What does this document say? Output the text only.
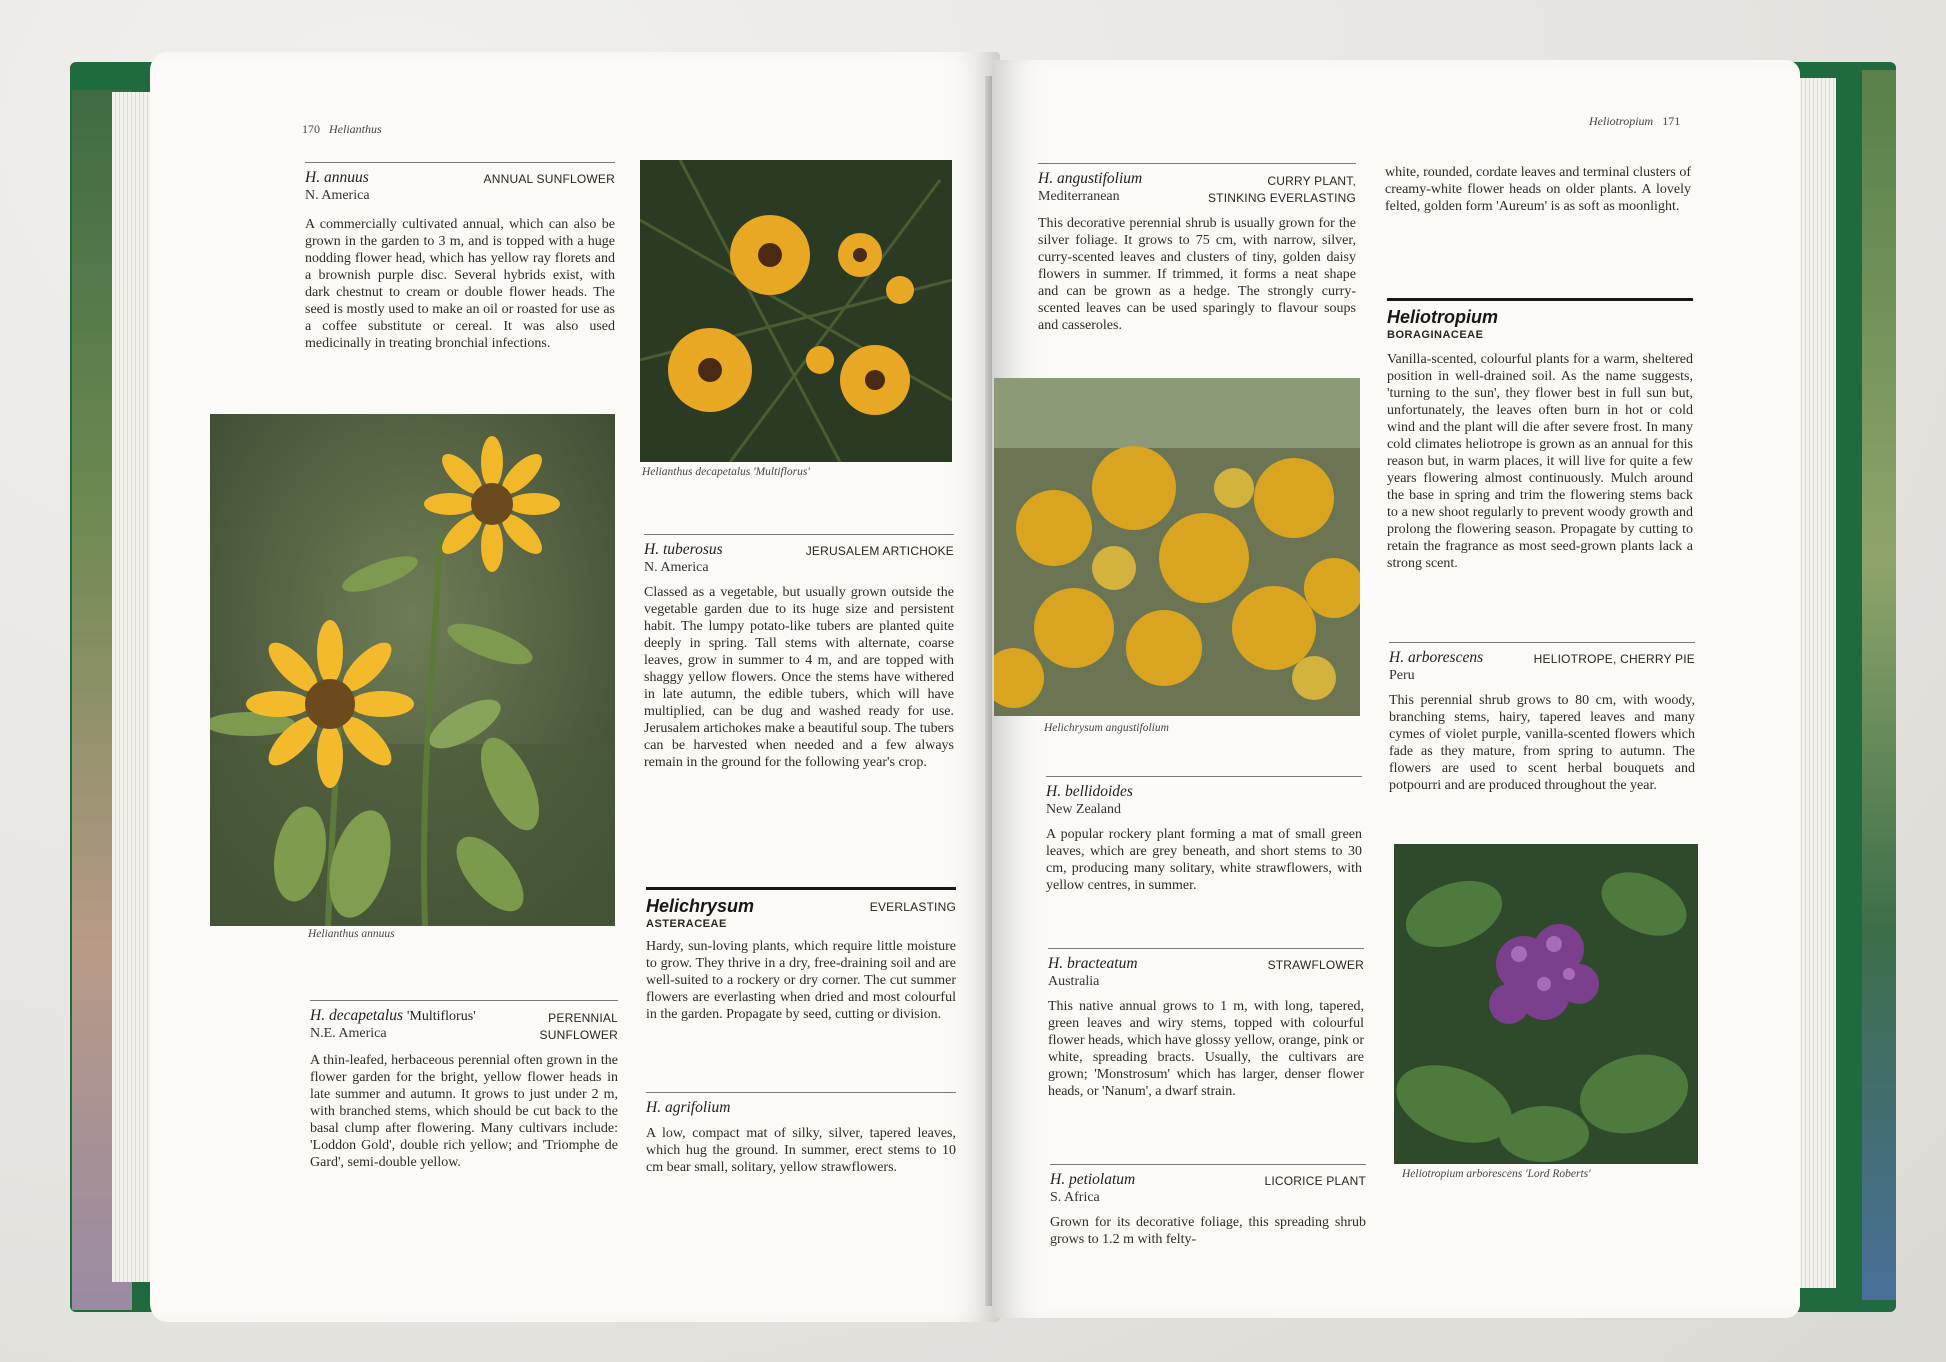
170 Helianthus
H. annuus
N. America
ANNUAL SUNFLOWER
A commercially cultivated annual, which can also be grown in the garden to 3 m, and is topped with a huge nodding flower head, which has yellow ray florets and a brownish purple disc. Several hybrids exist, with dark chestnut to cream or double flower heads. The seed is mostly used to make an oil or roasted for use as a coffee substitute or cereal. It was also used medicinally in treating bronchial infections.
Helianthus annuus
H. decapetalus 'Multiflorus'
N.E. America
PERENNIAL
SUNFLOWER
A thin-leafed, herbaceous perennial often grown in the flower garden for the bright, yellow flower heads in late summer and autumn. It grows to just under 2 m, with branched stems, which should be cut back to the basal clump after flowering. Many cultivars include: 'Loddon Gold', double rich yellow; and 'Triomphe de Gard', semi-double yellow.
Helianthus decapetalus 'Multiflorus'
H. tuberosus
N. America
JERUSALEM ARTICHOKE
Classed as a vegetable, but usually grown outside the vegetable garden due to its huge size and persistent habit. The lumpy potato-like tubers are planted quite deeply in spring. Tall stems with alternate, coarse leaves, grow in summer to 4 m, and are topped with shaggy yellow flowers. Once the stems have withered in late autumn, the edible tubers, which will have multiplied, can be dug and washed ready for use. Jerusalem artichokes make a beautiful soup. The tubers can be harvested when needed and a few always remain in the ground for the following year's crop.
Helichrysum
ASTERACEAE
EVERLASTING
Hardy, sun-loving plants, which require little moisture to grow. They thrive in a dry, free-draining soil and are well-suited to a rockery or dry corner. The cut summer flowers are everlasting when dried and most colourful in the garden. Propagate by seed, cutting or division.
H. agrifolium
A low, compact mat of silky, silver, tapered leaves, which hug the ground. In summer, erect stems to 10 cm bear small, solitary, yellow strawflowers.
Heliotropium 171
H. angustifolium
Mediterranean
CURRY PLANT,
STINKING EVERLASTING
This decorative perennial shrub is usually grown for the silver foliage. It grows to 75 cm, with narrow, silver, curry-scented leaves and clusters of tiny, golden daisy flowers in summer. If trimmed, it forms a neat shape and can be grown as a hedge. The strongly curry-scented leaves can be used sparingly to flavour soups and casseroles.
Helichrysum angustifolium
H. bellidoides
New Zealand
A popular rockery plant forming a mat of small green leaves, which are grey beneath, and short stems to 30 cm, producing many solitary, white strawflowers, with yellow centres, in summer.
H. bracteatum
Australia
STRAWFLOWER
This native annual grows to 1 m, with long, tapered, green leaves and wiry stems, topped with colourful flower heads, which have glossy yellow, orange, pink or white, spreading bracts. Usually, the cultivars are grown; 'Monstrosum' which has larger, denser flower heads, or 'Nanum', a dwarf strain.
H. petiolatum
S. Africa
LICORICE PLANT
Grown for its decorative foliage, this spreading shrub grows to 1.2 m with felty-
white, rounded, cordate leaves and terminal clusters of creamy-white flower heads on older plants. A lovely felted, golden form 'Aureum' is as soft as moonlight.
Heliotropium
BORAGINACEAE
Vanilla-scented, colourful plants for a warm, sheltered position in well-drained soil. As the name suggests, 'turning to the sun', they flower best in full sun but, unfortunately, the leaves often burn in hot or cold wind and the plant will die after severe frost. In many cold climates heliotrope is grown as an annual for this reason but, in warm places, it will live for quite a few years flowering almost continuously. Mulch around the base in spring and trim the flowering stems back to a new shoot regularly to prevent woody growth and prolong the flowering season. Propagate by cutting to retain the fragrance as most seed-grown plants lack a strong scent.
H. arborescens
Peru
HELIOTROPE, CHERRY PIE
This perennial shrub grows to 80 cm, with woody, branching stems, hairy, tapered leaves and many cymes of violet purple, vanilla-scented flowers which fade as they mature, from spring to autumn. The flowers are used to scent herbal bouquets and potpourri and are produced throughout the year.
Heliotropium arborescens 'Lord Roberts'
